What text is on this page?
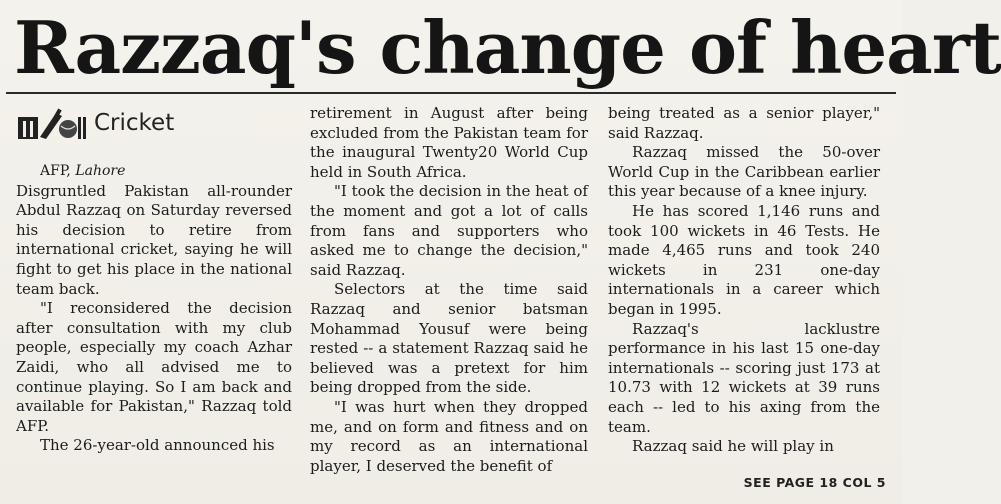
Razzaq's change of heart
Cricket

AFP, Lahore

Disgruntled Pakistan all-rounder Abdul Razzaq on Saturday reversed his decision to retire from international cricket, saying he will fight to get his place in the national team back.

"I reconsidered the decision after consultation with my club people, especially my coach Azhar Zaidi, who all advised me to continue playing. So I am back and available for Pakistan," Razzaq told AFP.

The 26-year-old announced his

retirement in August after being excluded from the Pakistan team for the inaugural Twenty20 World Cup held in South Africa.

"I took the decision in the heat of the moment and got a lot of calls from fans and supporters who asked me to change the decision," said Razzaq.

Selectors at the time said Razzaq and senior batsman Mohammad Yousuf were being rested -- a statement Razzaq said he believed was a pretext for him being dropped from the side.

"I was hurt when they dropped me, and on form and fitness and on my record as an international player, I deserved the benefit of

being treated as a senior player," said Razzaq.

Razzaq missed the 50-over World Cup in the Caribbean earlier this year because of a knee injury.

He has scored 1,146 runs and took 100 wickets in 46 Tests. He made 4,465 runs and took 240 wickets in 231 one-day internationals in a career which began in 1995.

Razzaq's lacklustre performance in his last 15 one-day internationals -- scoring just 173 at 10.73 with 12 wickets at 39 runs each -- led to his axing from the team.

Razzaq said he will play in

SEE PAGE 18 COL 5
